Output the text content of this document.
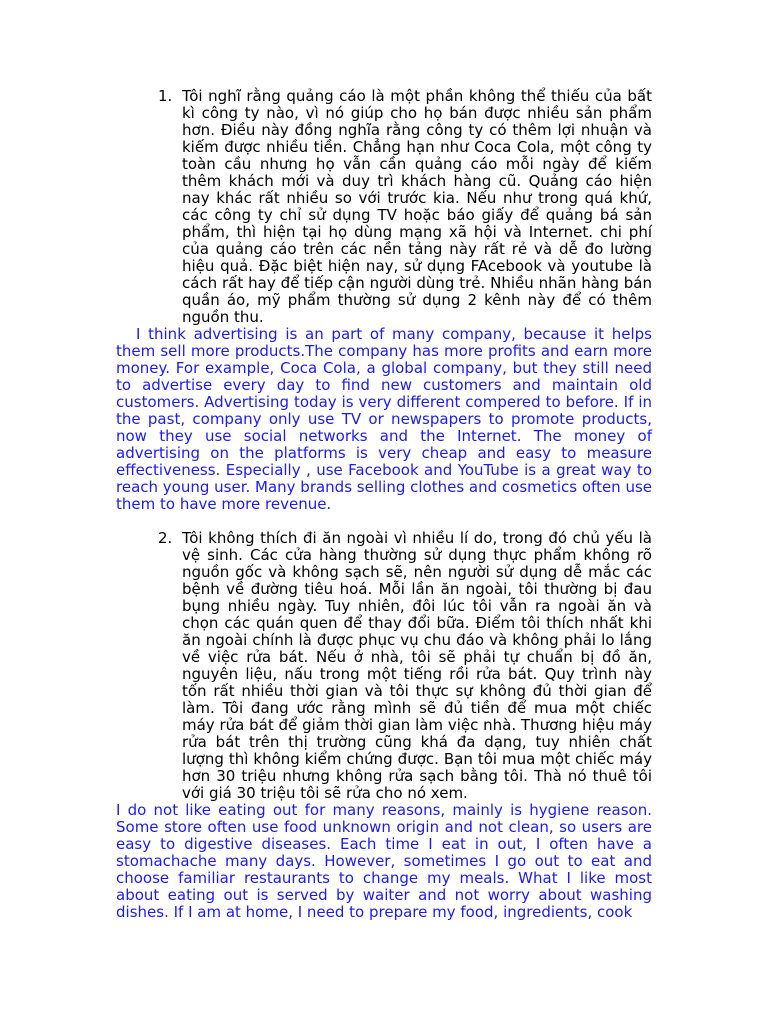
1. Tôi nghĩ rằng quảng cáo là một phần không thể thiếu của bất kì công ty nào, vì nó giúp cho họ bán được nhiều sản phẩm hơn. Điều này đồng nghĩa rằng công ty có thêm lợi nhuận và kiếm được nhiều tiền. Chẳng hạn như Coca Cola, một công ty toàn cầu nhưng họ vẫn cần quảng cáo mỗi ngày để kiếm thêm khách mới và duy trì khách hàng cũ. Quảng cáo hiện nay khác rất nhiều so với trước kia. Nếu như trong quá khứ, các công ty chỉ sử dụng TV hoặc báo giấy để quảng bá sản phẩm, thì hiện tại họ dùng mạng xã hội và Internet. chi phí của quảng cáo trên các nền tảng này rất rẻ và dễ đo lường hiệu quả. Đặc biệt hiện nay, sử dụng FAcebook và youtube là cách rất hay để tiếp cận người dùng trẻ. Nhiều nhãn hàng bán quần áo, mỹ phẩm thường sử dụng 2 kênh này để có thêm nguồn thu.

I think advertising is an part of many company, because it helps them sell more products.The company has more profits and earn more money. For example, Coca Cola, a global company, but they still need to advertise every day to find new customers and maintain old customers. Advertising today is very different compered to before. If in the past, company only use TV or newspapers to promote products, now they use social networks and the Internet. The money of advertising on the platforms is very cheap and easy to measure effectiveness. Especially , use Facebook and YouTube is a great way to reach young user. Many brands selling clothes and cosmetics often use them to have more revenue.

2. Tôi không thích đi ăn ngoài vì nhiều lí do, trong đó chủ yếu là vệ sinh. Các cửa hàng thường sử dụng thực phẩm không rõ nguồn gốc và không sạch sẽ, nên người sử dụng dễ mắc các bệnh về đường tiêu hoá. Mỗi lần ăn ngoài, tôi thường bị đau bụng nhiều ngày. Tuy nhiên, đôi lúc tôi vẫn ra ngoài ăn và chọn các quán quen để thay đổi bữa. Điểm tôi thích nhất khi ăn ngoài chính là được phục vụ chu đáo và không phải lo lắng về việc rửa bát. Nếu ở nhà, tôi sẽ phải tự chuẩn bị đồ ăn, nguyên liệu, nấu trong một tiếng rồi rửa bát. Quy trình này tốn rất nhiều thời gian và tôi thực sự không đủ thời gian để làm. Tôi đang ước rằng mình sẽ đủ tiền để mua một chiếc máy rửa bát để giảm thời gian làm việc nhà. Thương hiệu máy rửa bát trên thị trường cũng khá đa dạng, tuy nhiên chất lượng thì không kiểm chứng được. Bạn tôi mua một chiếc máy hơn 30 triệu nhưng không rửa sạch bằng tôi. Thà nó thuê tôi với giá 30 triệu tôi sẽ rửa cho nó xem.

I do not like eating out for many reasons, mainly is hygiene reason. Some store often use food unknown origin and not clean, so users are easy to digestive diseases. Each time I eat in out, I often have a stomachache many days. However, sometimes I go out to eat and choose familiar restaurants to change my meals. What I like most about eating out is served by waiter and not worry about washing dishes. If I am at home, I need to prepare my food, ingredients, cook
